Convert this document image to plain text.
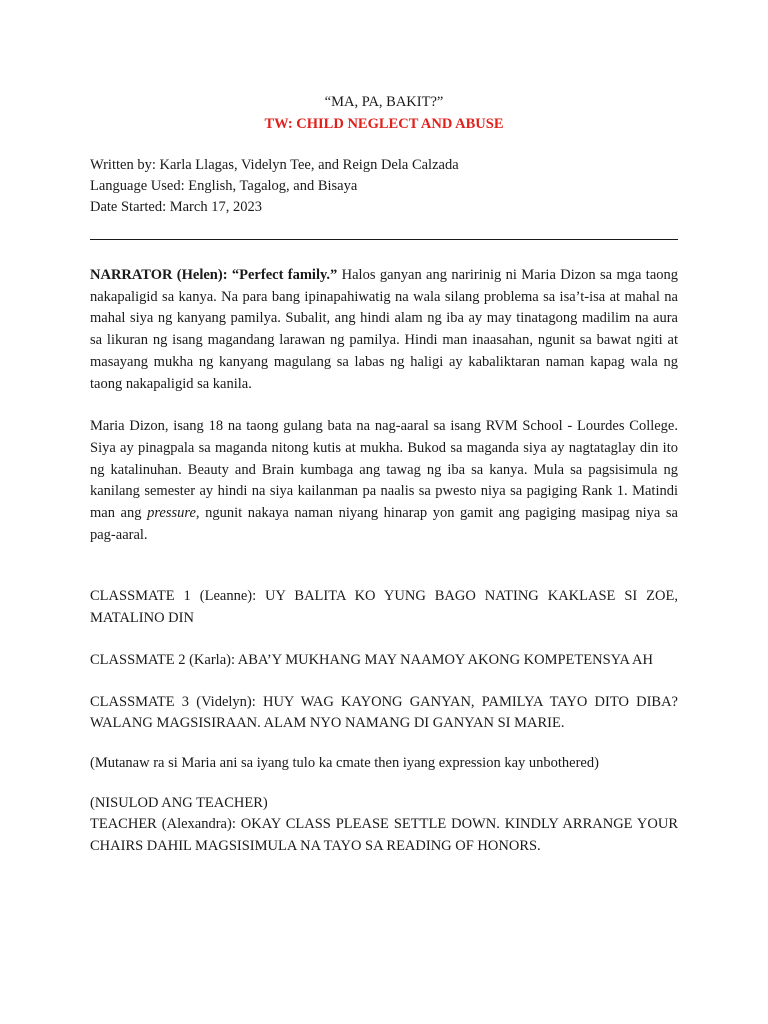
“MA, PA, BAKIT?”

TW: CHILD NEGLECT AND ABUSE

Written by: Karla Llagas, Videlyn Tee, and Reign Dela Calzada
Language Used: English, Tagalog, and Bisaya
Date Started: March 17, 2023

NARRATOR (Helen): “Perfect family.” Halos ganyan ang naririnig ni Maria Dizon sa mga taong nakapaligid sa kanya. Na para bang ipinapahiwatig na wala silang problema sa isa’t-isa at mahal na mahal siya ng kanyang pamilya. Subalit, ang hindi alam ng iba ay may tinatagong madilim na aura sa likuran ng isang magandang larawan ng pamilya. Hindi man inaasahan, ngunit sa bawat ngiti at masayang mukha ng kanyang magulang sa labas ng haligi ay kabaliktaran naman kapag wala ng taong nakapaligid sa kanila.

Maria Dizon, isang 18 na taong gulang bata na nag-aaral sa isang RVM School - Lourdes College. Siya ay pinagpala sa maganda nitong kutis at mukha. Bukod sa maganda siya ay nagtataglay din ito ng katalinuhan. Beauty and Brain kumbaga ang tawag ng iba sa kanya. Mula sa pagsisimula ng kanilang semester ay hindi na siya kailanman pa naalis sa pwesto niya sa pagiging Rank 1. Matindi man ang pressure, ngunit nakaya naman niyang hinarap yon gamit ang pagiging masipag niya sa pag-aaral.

CLASSMATE 1 (Leanne): UY BALITA KO YUNG BAGO NATING KAKLASE SI ZOE, MATALINO DIN

CLASSMATE 2 (Karla): ABA’Y MUKHANG MAY NAAMOY AKONG KOMPETENSYA AH

CLASSMATE 3 (Videlyn): HUY WAG KAYONG GANYAN, PAMILYA TAYO DITO DIBA? WALANG MAGSISIRAAN. ALAM NYO NAMANG DI GANYAN SI MARIE.

(Mutanaw ra si Maria ani sa iyang tulo ka cmate then iyang expression kay unbothered)

(NISULOD ANG TEACHER)

TEACHER (Alexandra): OKAY CLASS PLEASE SETTLE DOWN. KINDLY ARRANGE YOUR CHAIRS DAHIL MAGSISIMULA NA TAYO SA READING OF HONORS.
